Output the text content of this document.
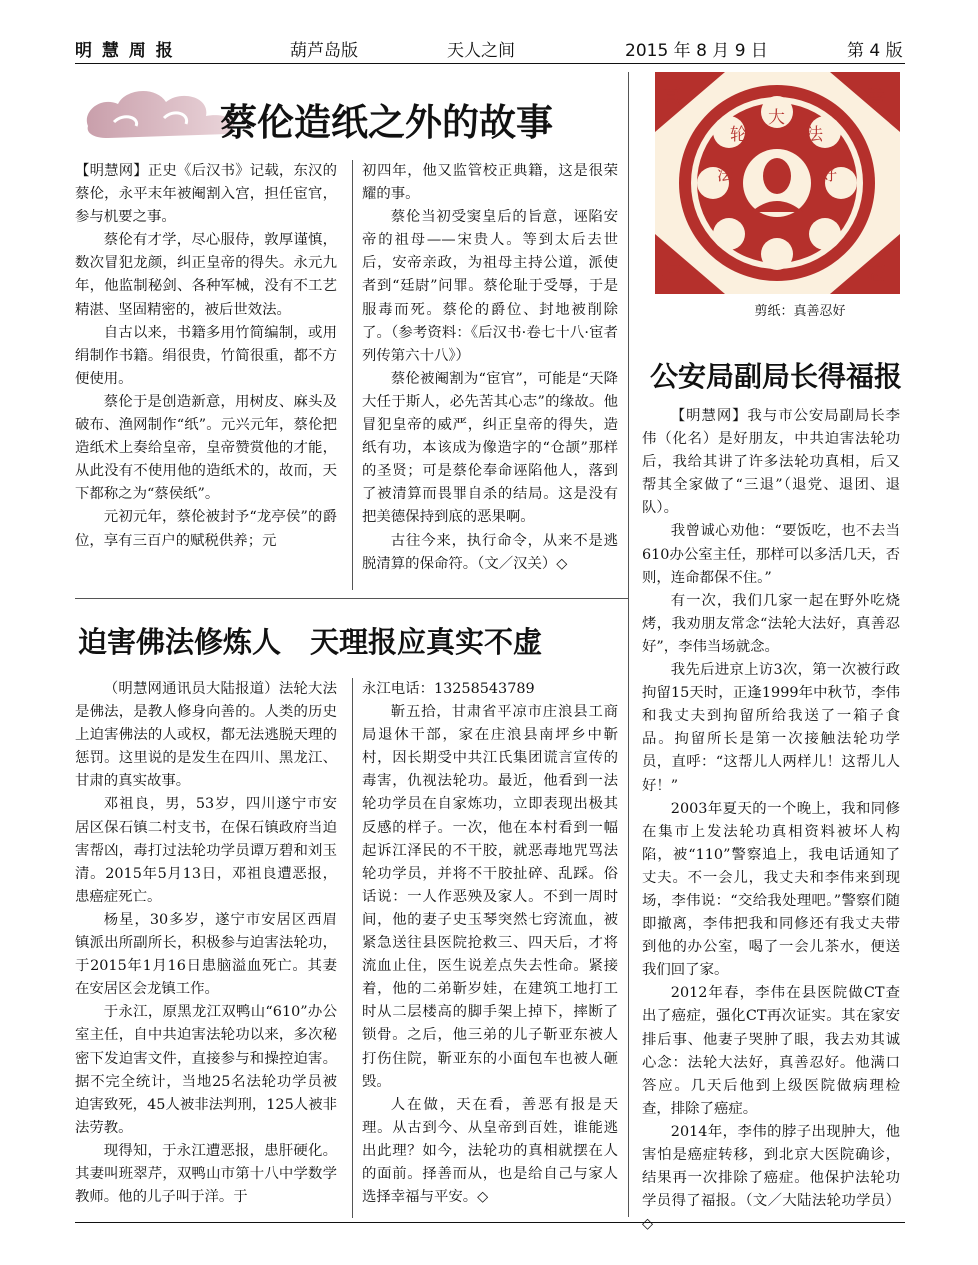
明 慧 周 报	葫芦岛版	天人之间	2015 年 8 月 9 日	第 4 版
蔡伦造纸之外的故事

【明慧网】正史《后汉书》记载，东汉的蔡伦，永平末年被阉割入宫，担任宦官，参与机要之事。

蔡伦有才学，尽心服侍，敦厚谨慎，数次冒犯龙颜，纠正皇帝的得失。永元九年，他监制秘剑、各种军械，没有不工艺精湛、坚固精密的，被后世效法。

自古以来，书籍多用竹简编制，或用绢制作书籍。绢很贵，竹简很重，都不方便使用。

蔡伦于是创造新意，用树皮、麻头及破布、渔网制作“纸”。元兴元年，蔡伦把造纸术上奏给皇帝，皇帝赞赏他的才能，从此没有不使用他的造纸术的，故而，天下都称之为“蔡侯纸”。

元初元年，蔡伦被封予“龙亭侯”的爵位，享有三百户的赋税供养；元

初四年，他又监管校正典籍，这是很荣耀的事。

蔡伦当初受窦皇后的旨意，诬陷安帝的祖母——宋贵人。等到太后去世后，安帝亲政，为祖母主持公道，派使者到“廷尉”问罪。蔡伦耻于受辱，于是服毒而死。蔡伦的爵位、封地被削除了。（参考资料：《后汉书·卷七十八·宦者列传第六十八》）

蔡伦被阉割为“宦官”，可能是“天降大任于斯人，必先苦其心志”的缘故。他冒犯皇帝的威严，纠正皇帝的得失，造纸有功，本该成为像造字的“仓颉”那样的圣贤；可是蔡伦奉命诬陷他人，落到了被清算而畏罪自杀的结局。这是没有把美德保持到底的恶果啊。

古往今来，执行命令，从来不是逃脱清算的保命符。（文／汉关）◇

真	善
忍
好
法
轮
大
法
好
剪纸：真善忍好
公安局副局长得福报

【明慧网】我与市公安局副局长李伟（化名）是好朋友，中共迫害法轮功后，我给其讲了许多法轮功真相，后又帮其全家做了“三退”（退党、退团、退队）。

我曾诚心劝他：“要饭吃，也不去当610办公室主任，那样可以多活几天，否则，连命都保不住。”

有一次，我们几家一起在野外吃烧烤，我劝朋友常念“法轮大法好，真善忍好”，李伟当场就念。

我先后进京上访3次，第一次被行政拘留15天时，正逢1999年中秋节，李伟和我丈夫到拘留所给我送了一箱子食品。拘留所长是第一次接触法轮功学员，直呼：“这帮儿人两样儿！这帮儿人好！”

2003年夏天的一个晚上，我和同修在集市上发法轮功真相资料被坏人构陷，被“110”警察追上，我电话通知了丈夫。不一会儿，我丈夫和李伟来到现场，李伟说：“交给我处理吧。”警察们随即撤离，李伟把我和同修还有我丈夫带到他的办公室，喝了一会儿茶水，便送我们回了家。

2012年春，李伟在县医院做CT查出了癌症，强化CT再次证实。其在家安排后事、他妻子哭肿了眼，我去劝其诚心念：法轮大法好，真善忍好。他满口答应。几天后他到上级医院做病理检查，排除了癌症。

2014年，李伟的脖子出现肿大，他害怕是癌症转移，到北京大医院确诊，结果再一次排除了癌症。他保护法轮功学员得了福报。（文／大陆法轮功学员）◇

迫害佛法修炼人　天理报应真实不虚

（明慧网通讯员大陆报道）法轮大法是佛法，是教人修身向善的。人类的历史上迫害佛法的人或权，都无法逃脱天理的惩罚。这里说的是发生在四川、黑龙江、甘肃的真实故事。

邓祖良，男，53岁，四川遂宁市安居区保石镇二村支书，在保石镇政府当迫害帮凶，毒打过法轮功学员谭万碧和刘玉清。2015年5月13日，邓祖良遭恶报，患癌症死亡。

杨星，30多岁，遂宁市安居区西眉镇派出所副所长，积极参与迫害法轮功，于2015年1月16日患脑溢血死亡。其妻在安居区会龙镇工作。

于永江，原黑龙江双鸭山“610”办公室主任，自中共迫害法轮功以来，多次秘密下发迫害文件，直接参与和操控迫害。据不完全统计，当地25名法轮功学员被迫害致死，45人被非法判刑，125人被非法劳教。

现得知，于永江遭恶报，患肝硬化。其妻叫班翠芹，双鸭山市第十八中学数学教师。他的儿子叫于洋。于

永江电话：13258543789

靳五拾，甘肃省平凉市庄浪县工商局退休干部，家在庄浪县南坪乡中靳村，因长期受中共江氏集团谎言宣传的毒害，仇视法轮功。最近，他看到一法轮功学员在自家炼功，立即表现出极其反感的样子。一次，他在本村看到一幅起诉江泽民的不干胶，就恶毒地咒骂法轮功学员，并将不干胶扯碎、乱踩。俗话说：一人作恶殃及家人。不到一周时间，他的妻子史玉琴突然七窍流血，被紧急送往县医院抢救三、四天后，才将流血止住，医生说差点失去性命。紧接着，他的二弟靳岁娃，在建筑工地打工时从二层楼高的脚手架上掉下，摔断了锁骨。之后，他三弟的儿子靳亚东被人打伤住院，靳亚东的小面包车也被人砸毁。

人在做，天在看，善恶有报是天理。从古到今、从皇帝到百姓，谁能逃出此理？如今，法轮功的真相就摆在人的面前。择善而从，也是给自己与家人选择幸福与平安。◇
